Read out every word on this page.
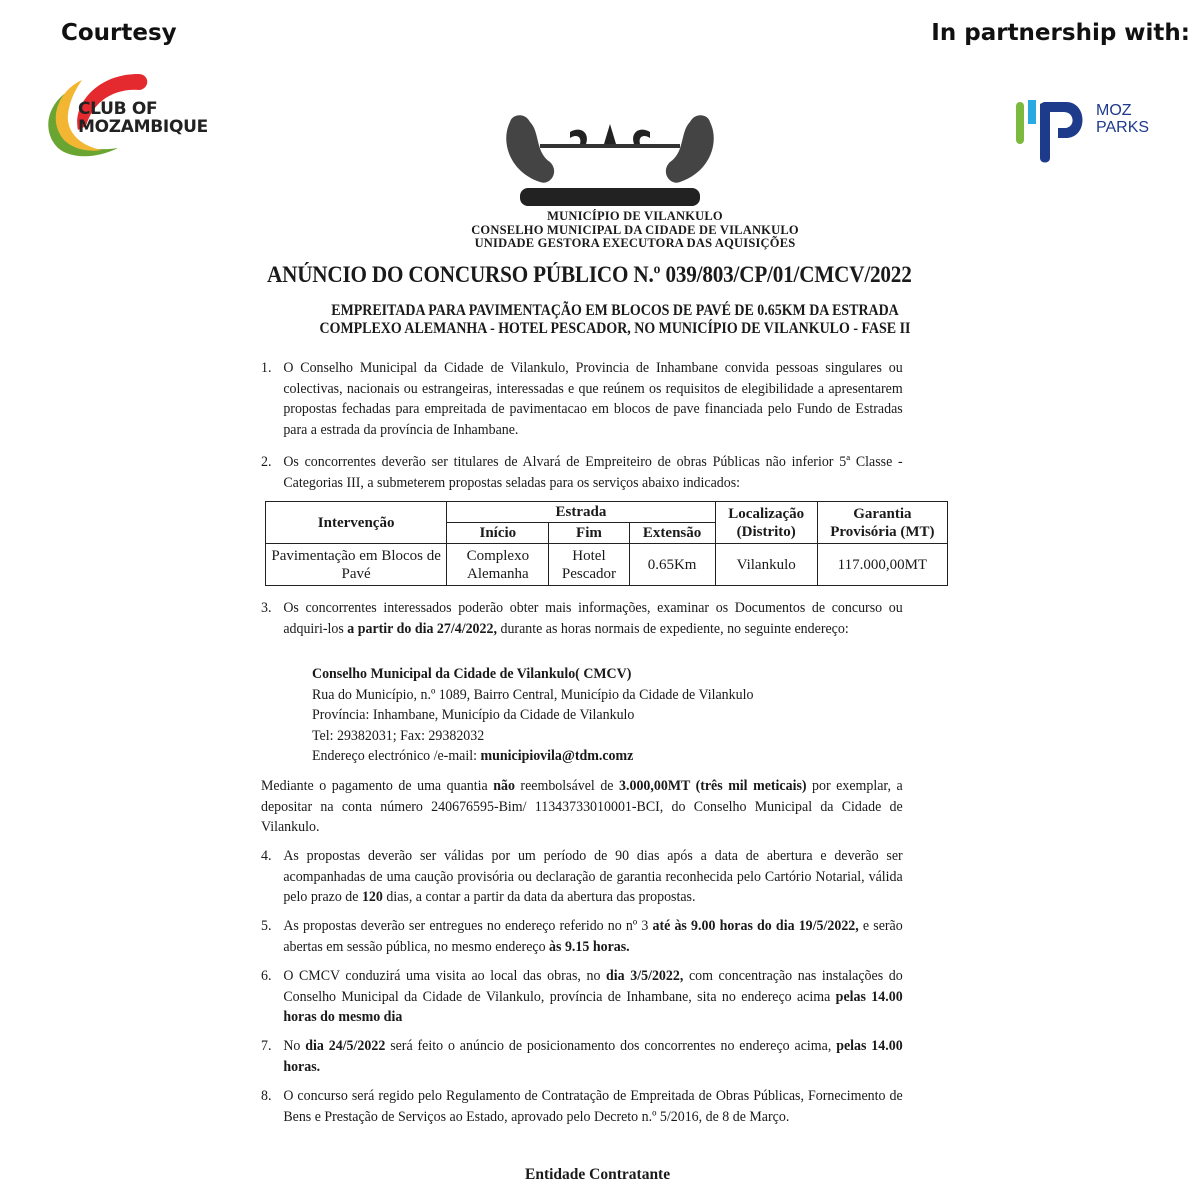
Courtesy	In partnership with:
CLUB OF
MOZAMBIQUE
MOZ
PARKS
MUNICÍPIO DE VILANKULO
CONSELHO MUNICIPAL DA CIDADE DE VILANKULO
UNIDADE GESTORA EXECUTORA DAS AQUISIÇÕES
ANÚNCIO DO CONCURSO PÚBLICO N.º 039/803/CP/01/CMCV/2022
EMPREITADA PARA PAVIMENTAÇÃO EM BLOCOS DE PAVÉ DE 0.65KM DA ESTRADA
COMPLEXO ALEMANHA - HOTEL PESCADOR, NO MUNICÍPIO DE VILANKULO - FASE II
1. O Conselho Municipal da Cidade de Vilankulo, Provincia de Inhambane convida pessoas singulares ou colectivas, nacionais ou estrangeiras, interessadas e que reúnem os requisitos de elegibilidade a apresentarem propostas fechadas para empreitada de pavimentacao em blocos de pave financiada pelo Fundo de Estradas para a estrada da província de Inhambane.
2. Os concorrentes deverão ser titulares de Alvará de Empreiteiro de obras Públicas não inferior 5ª Classe - Categorias III, a submeterem propostas seladas para os serviços abaixo indicados:
Intervenção	Estrada			Localização (Distrito)	Garantia Provisória (MT)
	Início	Fim	Extensão		
Pavimentação em Blocos de Pavé	Complexo Alemanha	Hotel Pescador	0.65Km	Vilankulo	117.000,00MT
3. Os concorrentes interessados poderão obter mais informações, examinar os Documentos de concurso ou adquiri-los a partir do dia 27/4/2022, durante as horas normais de expediente, no seguinte endereço:
Conselho Municipal da Cidade de Vilankulo( CMCV)
Rua do Município, n.º 1089, Bairro Central, Município da Cidade de Vilankulo
Província: Inhambane, Município da Cidade de Vilankulo
Tel: 29382031; Fax: 29382032
Endereço electrónico /e-mail: municipiovila@tdm.comz
Mediante o pagamento de uma quantia não reembolsável de 3.000,00MT (três mil meticais) por exemplar, a depositar na conta número 240676595-Bim/ 11343733010001-BCI, do Conselho Municipal da Cidade de Vilankulo.
4. As propostas deverão ser válidas por um período de 90 dias após a data de abertura e deverão ser acompanhadas de uma caução provisória ou declaração de garantia reconhecida pelo Cartório Notarial, válida pelo prazo de 120 dias, a contar a partir da data da abertura das propostas.
5. As propostas deverão ser entregues no endereço referido no nº 3 até às 9.00 horas do dia 19/5/2022, e serão abertas em sessão pública, no mesmo endereço às 9.15 horas.
6. O CMCV conduzirá uma visita ao local das obras, no dia 3/5/2022, com concentração nas instalações do Conselho Municipal da Cidade de Vilankulo, província de Inhambane, sita no endereço acima pelas 14.00 horas do mesmo dia
7. No dia 24/5/2022 será feito o anúncio de posicionamento dos concorrentes no endereço acima, pelas 14.00 horas.
8. O concurso será regido pelo Regulamento de Contratação de Empreitada de Obras Públicas, Fornecimento de Bens e Prestação de Serviços ao Estado, aprovado pelo Decreto n.º 5/2016, de 8 de Março.
Entidade Contratante
